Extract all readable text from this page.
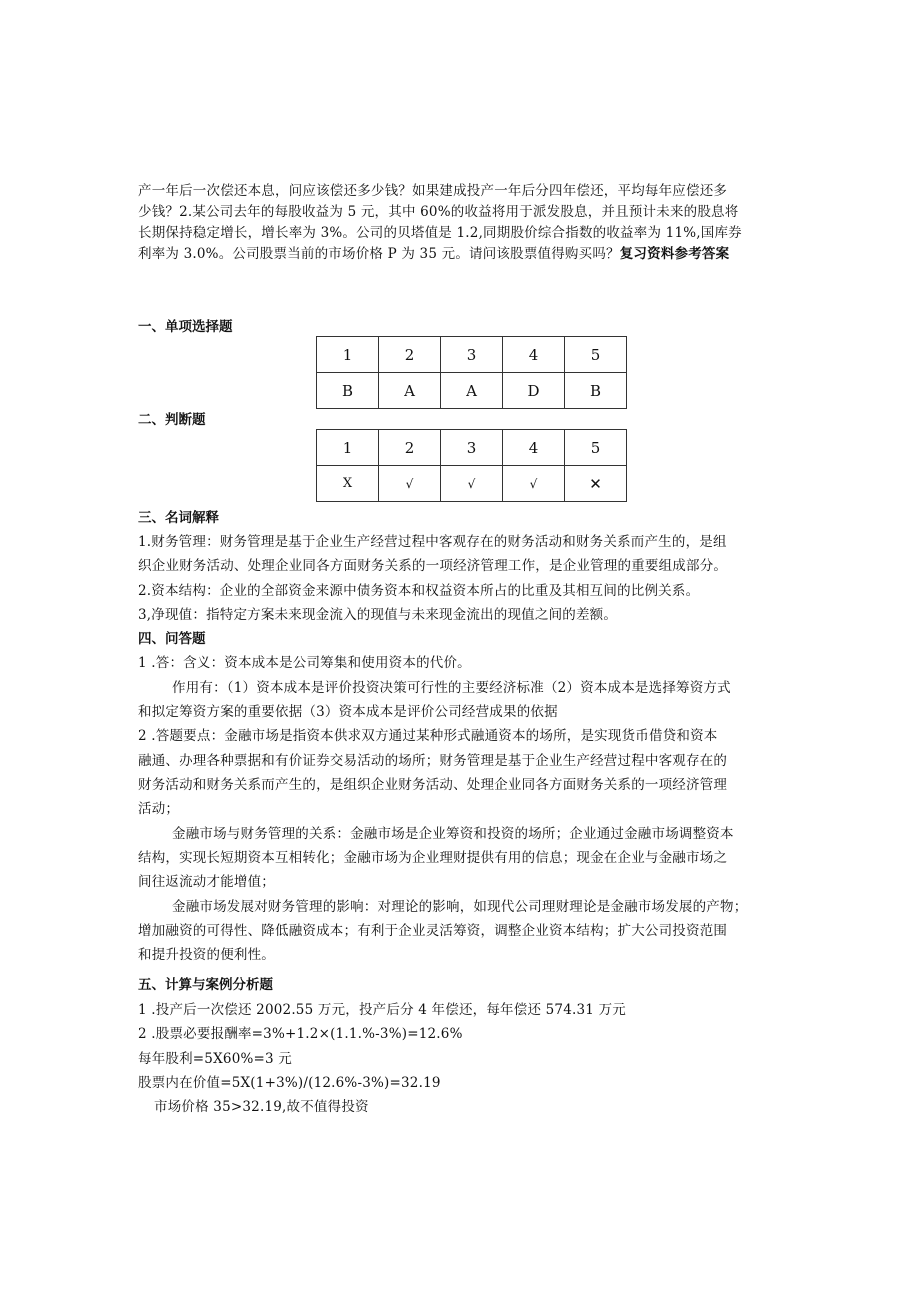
产一年后一次偿还本息，问应该偿还多少钱？如果建成投产一年后分四年偿还，平均每年应偿还多
少钱？2.某公司去年的每股收益为 5 元，其中 60%的收益将用于派发股息，并且预计未来的股息将
长期保持稳定增长，增长率为 3%。公司的贝塔值是 1.2,同期股价综合指数的收益率为 11%,国库券
利率为 3.0%。公司股票当前的市场价格 P 为 35 元。请问该股票值得购买吗？复习资料参考答案
一、单项选择题
1	2	3	4	5
B	A	A	D	B
二、判断题
1	2	3	4	5
X	√	√	√	✕
三、名词解释
1.财务管理：财务管理是基于企业生产经营过程中客观存在的财务活动和财务关系而产生的，是组
织企业财务活动、处理企业同各方面财务关系的一项经济管理工作，是企业管理的重要组成部分。
2.资本结构：企业的全部资金来源中债务资本和权益资本所占的比重及其相互间的比例关系。
3,净现值：指特定方案未来现金流入的现值与未来现金流出的现值之间的差额。
四、问答题
1 .答：含义：资本成本是公司筹集和使用资本的代价。
作用有：（1）资本成本是评价投资决策可行性的主要经济标准（2）资本成本是选择筹资方式
和拟定筹资方案的重要依据（3）资本成本是评价公司经营成果的依据
2 .答题要点：金融市场是指资本供求双方通过某种形式融通资本的场所，是实现货币借贷和资本
融通、办理各种票据和有价证券交易活动的场所；财务管理是基于企业生产经营过程中客观存在的
财务活动和财务关系而产生的，是组织企业财务活动、处理企业同各方面财务关系的一项经济管理
活动；
金融市场与财务管理的关系：金融市场是企业筹资和投资的场所；企业通过金融市场调整资本
结构，实现长短期资本互相转化；金融市场为企业理财提供有用的信息；现金在企业与金融市场之
间往返流动才能增值；
金融市场发展对财务管理的影响：对理论的影响，如现代公司理财理论是金融市场发展的产物；
增加融资的可得性、降低融资成本；有利于企业灵活筹资，调整企业资本结构；扩大公司投资范围
和提升投资的便利性。
五、计算与案例分析题
1 .投产后一次偿还 2002.55 万元，投产后分 4 年偿还，每年偿还 574.31 万元
2 .股票必要报酬率=3%+1.2×(1.1.%-3%)=12.6%
每年股利=5X60%=3 元
股票内在价值=5X(1+3%)/(12.6%-3%)=32.19
市场价格 35>32.19,故不值得投资
